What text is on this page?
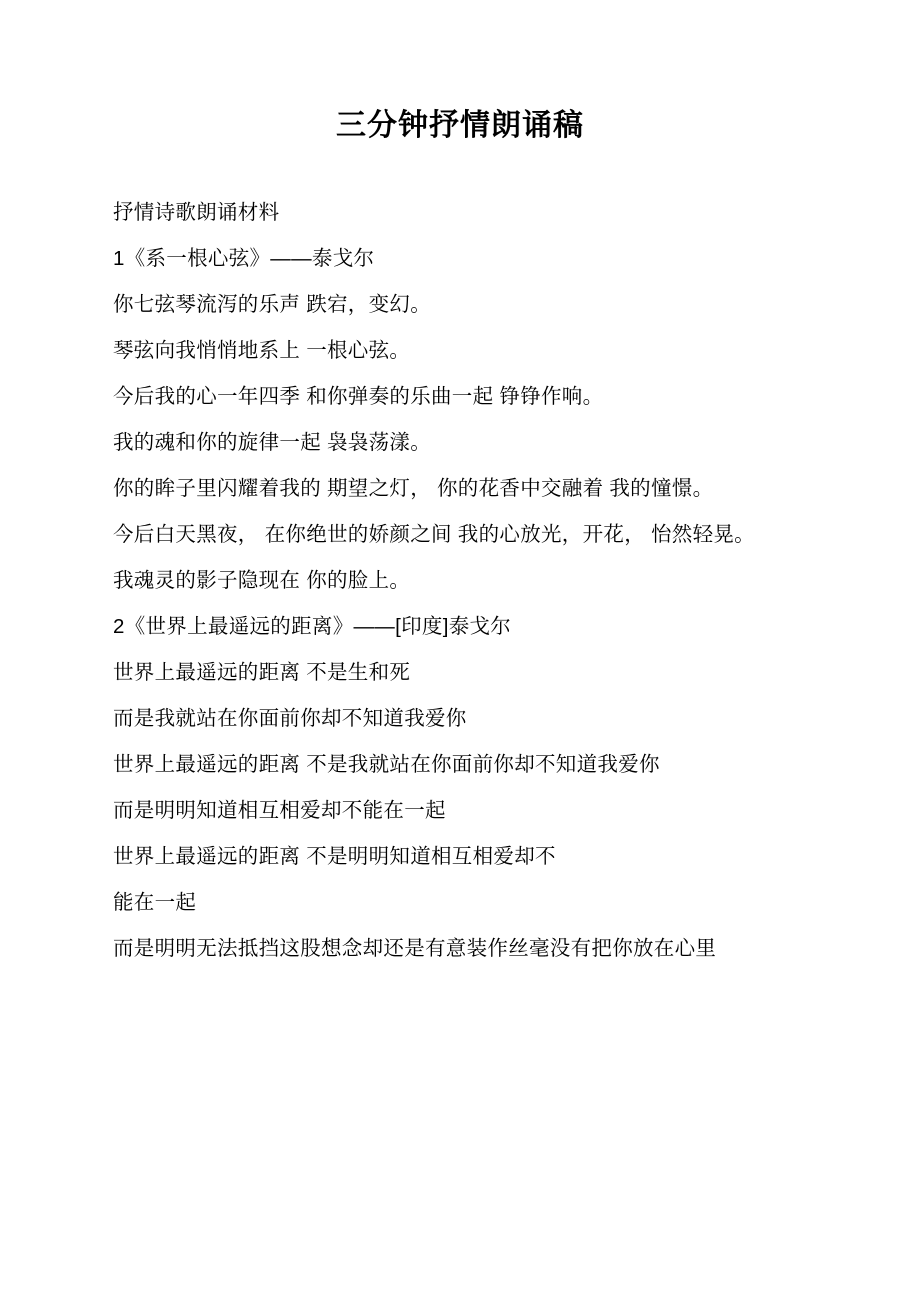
三分钟抒情朗诵稿

抒情诗歌朗诵材料

1《系一根心弦》——泰戈尔

你七弦琴流泻的乐声 跌宕，变幻。

琴弦向我悄悄地系上 一根心弦。

今后我的心一年四季 和你弹奏的乐曲一起 铮铮作响。

我的魂和你的旋律一起 袅袅荡漾。

你的眸子里闪耀着我的 期望之灯， 你的花香中交融着 我的憧憬。

今后白天黑夜， 在你绝世的娇颜之间 我的心放光，开花， 怡然轻晃。

我魂灵的影子隐现在 你的脸上。

2《世界上最遥远的距离》——[印度]泰戈尔

世界上最遥远的距离 不是生和死

而是我就站在你面前你却不知道我爱你

世界上最遥远的距离 不是我就站在你面前你却不知道我爱你

而是明明知道相互相爱却不能在一起

世界上最遥远的距离 不是明明知道相互相爱却不

能在一起

而是明明无法抵挡这股想念却还是有意装作丝毫没有把你放在心里
